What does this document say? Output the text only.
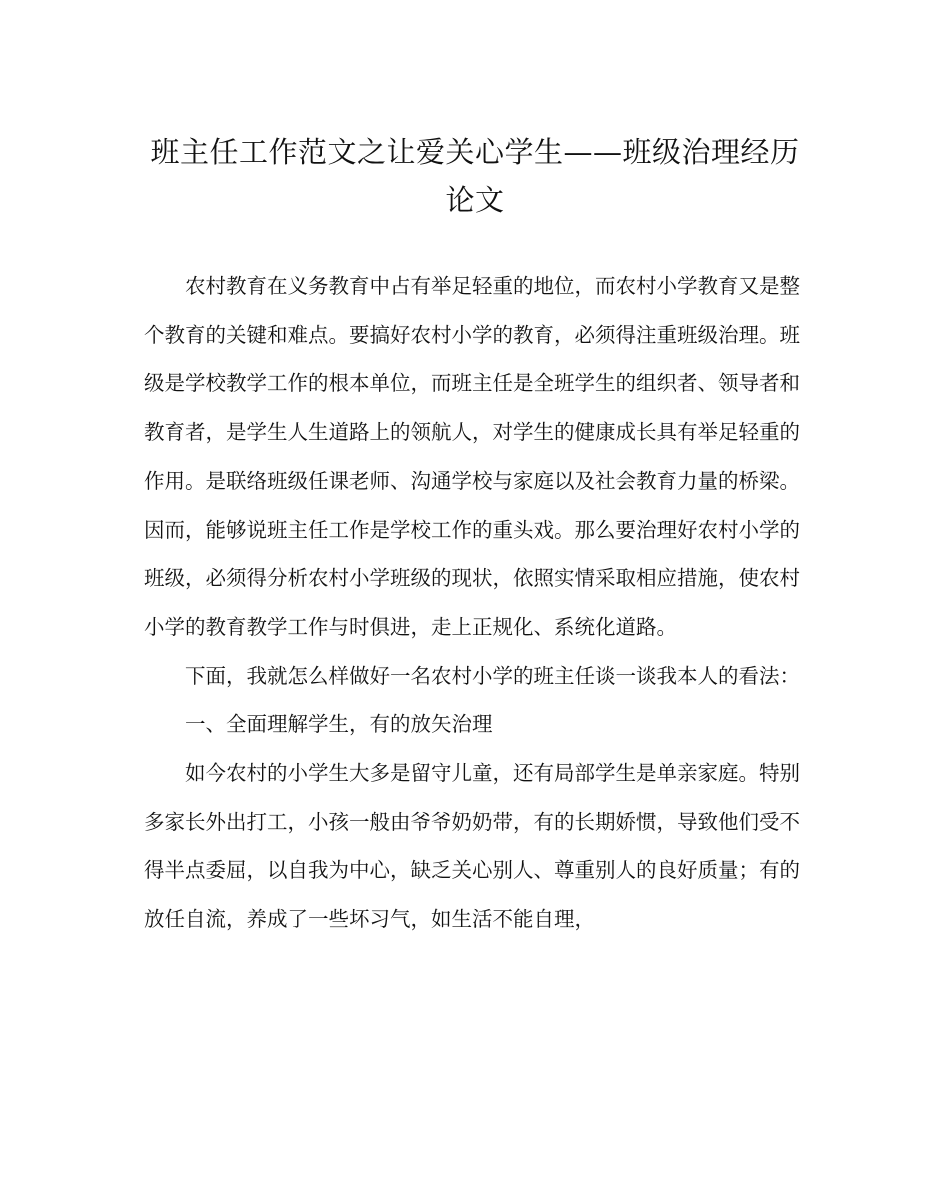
班主任工作范文之让爱关心学生——班级治理经历论文

农村教育在义务教育中占有举足轻重的地位，而农村小学教育又是整个教育的关键和难点。要搞好农村小学的教育，必须得注重班级治理。班级是学校教学工作的根本单位，而班主任是全班学生的组织者、领导者和教育者，是学生人生道路上的领航人，对学生的健康成长具有举足轻重的作用。是联络班级任课老师、沟通学校与家庭以及社会教育力量的桥梁。因而，能够说班主任工作是学校工作的重头戏。那么要治理好农村小学的班级，必须得分析农村小学班级的现状，依照实情采取相应措施，使农村小学的教育教学工作与时俱进，走上正规化、系统化道路。

下面，我就怎么样做好一名农村小学的班主任谈一谈我本人的看法：

一、全面理解学生，有的放矢治理

如今农村的小学生大多是留守儿童，还有局部学生是单亲家庭。特别多家长外出打工，小孩一般由爷爷奶奶带，有的长期娇惯，导致他们受不得半点委屈，以自我为中心，缺乏关心别人、尊重别人的良好质量；有的放任自流，养成了一些坏习气，如生活不能自理，
